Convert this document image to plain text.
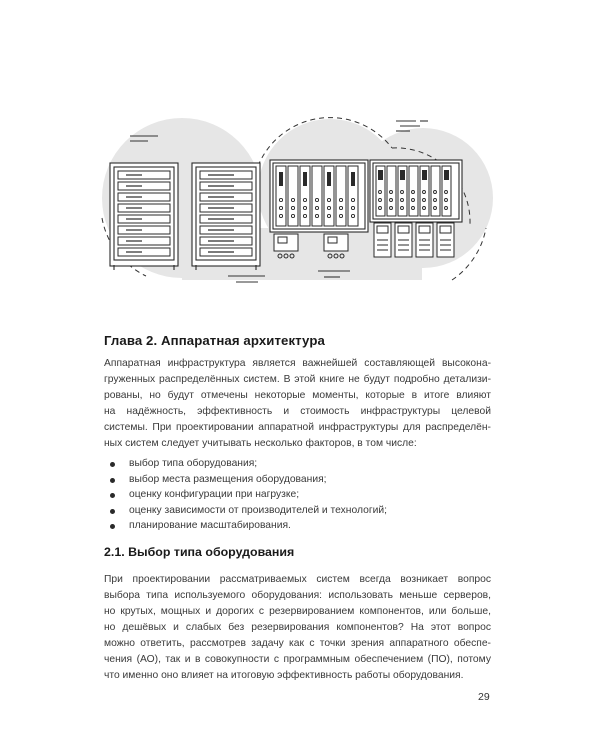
Глава 2. Аппаратная архитектура

Аппаратная инфраструктура является важнейшей составляющей высоконa-
груженных распределённых систем. В этой книге не будут подробно детализи-
рованы, но будут отмечены некоторые моменты, которые в итоге влияют
на надёжность, эффективность и стоимость инфраструктуры целевой
системы. При проектировании аппаратной инфраструктуры для распределён-
ных систем следует учитывать несколько факторов, в том числе:

выбор типа оборудования;
выбор места размещения оборудования;
оценку конфигурации при нагрузке;
оценку зависимости от производителей и технологий;
планирование масштабирования.
2.1. Выбор типа оборудования

При проектировании рассматриваемых систем всегда возникает вопрос
выбора типа используемого оборудования: использовать меньше серверов,
но крутых, мощных и дорогих с резервированием компонентов, или больше,
но дешёвых и слабых без резервирования компонентов? На этот вопрос
можно ответить, рассмотрев задачу как с точки зрения аппаратного обеспе-
чения (АО), так и в совокупности с программным обеспечением (ПО), потому
что именно оно влияет на итоговую эффективность работы оборудования.

29
